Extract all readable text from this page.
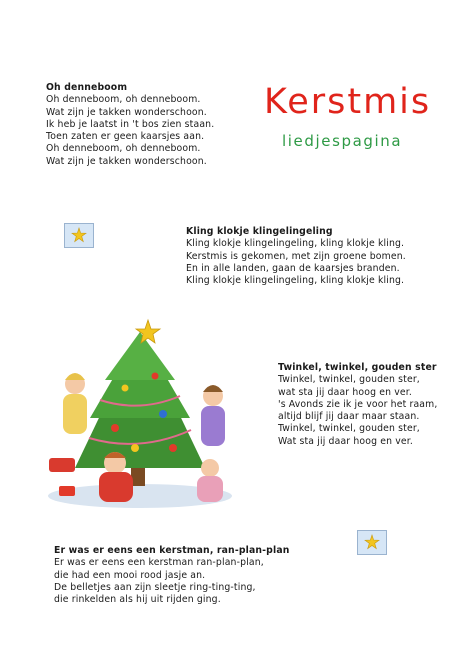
Kerstmis
liedjespagina
Oh denneboom
Oh denneboom, oh denneboom.
Wat zijn je takken wonderschoon.
Ik heb je laatst in 't bos zien staan.
Toen zaten er geen kaarsjes aan.
Oh denneboom, oh denneboom.
Wat zijn je takken wonderschoon.
Kling klokje klingelingeling
Kling klokje klingelingeling, kling klokje kling.
Kerstmis is gekomen, met zijn groene bomen.
En in alle landen, gaan de kaarsjes branden.
Kling klokje klingelingeling, kling klokje kling.
Twinkel, twinkel, gouden ster
Twinkel, twinkel, gouden ster,
wat sta jij daar hoog en ver.
's Avonds zie ik je voor het raam,
altijd blijf jij daar maar staan.
Twinkel, twinkel, gouden ster,
Wat sta jij daar hoog en ver.
Er was er eens een kerstman, ran-plan-plan
Er was er eens een kerstman ran-plan-plan,
die had een mooi rood jasje an.
De belletjes aan zijn sleetje ring-ting-ting,
die rinkelden als hij uit rijden ging.
